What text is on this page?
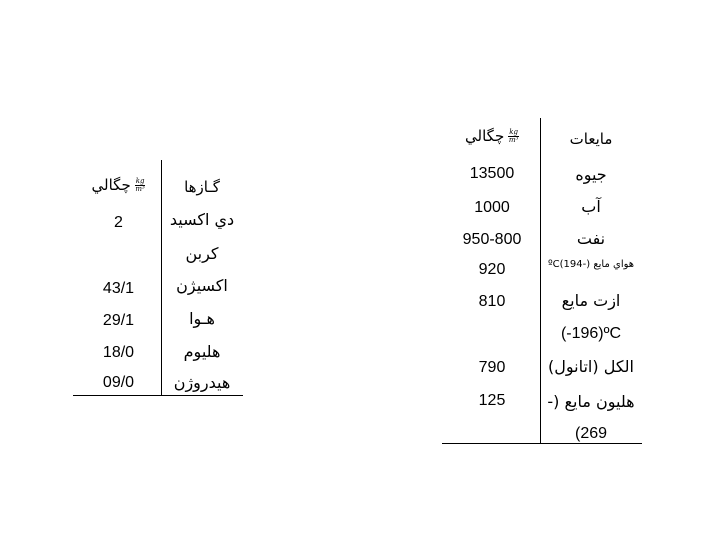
kg
m³
چگالي	گـازها
2	دي اكسيد
كربن
43/1	اكسيژن
29/1	هـوا
18/0	هليوم
09/0	هيدروژن
kg
m³
چگالي	مايعات
13500	جيوه
1000	آب
950-800	نفت
920	هواي مايع (-194)ºC
810	ازت مايع
(-196)ºC
790	الكل (اتانول)
125	هليون مايع (-
(269
